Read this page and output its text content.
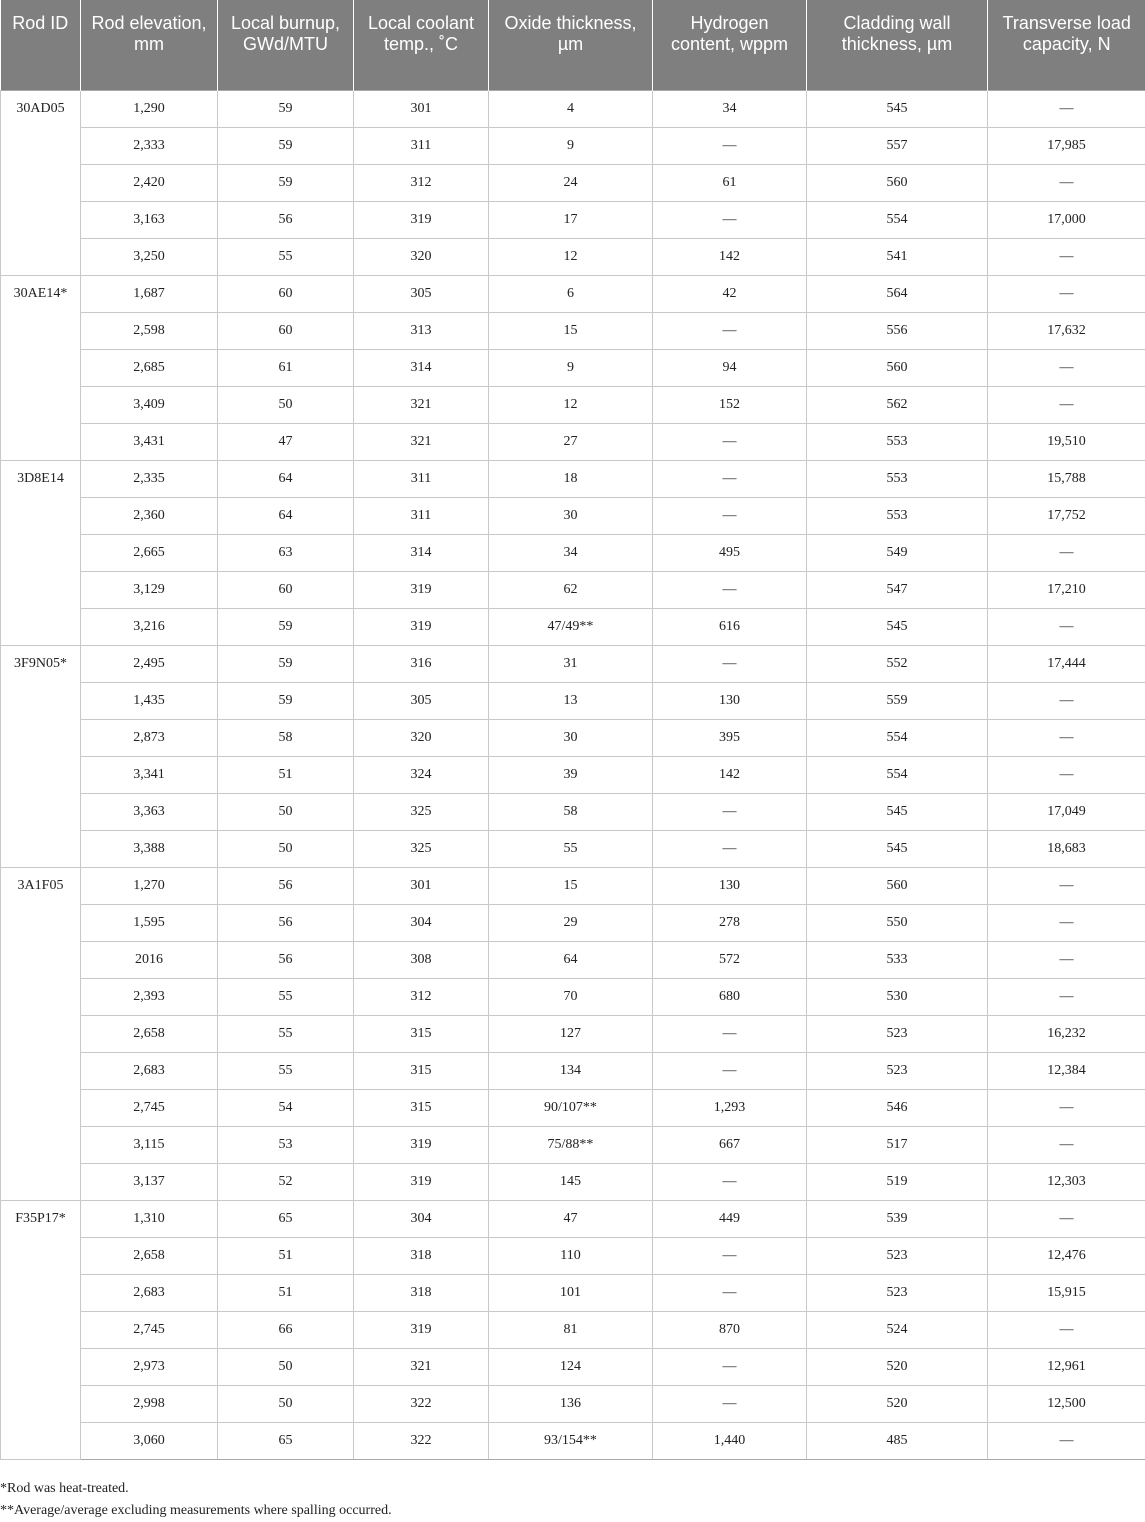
Rod ID	Rod elevation, mm	Local burnup, GWd/MTU	Local coolant temp., ˚C	Oxide thickness, µm	Hydrogen content, wppm	Cladding wall thickness, µm	Transverse load capacity, N
30AD05	1,290	59	301	4	34	545	—
	2,333	59	311	9	—	557	17,985
	2,420	59	312	24	61	560	—
	3,163	56	319	17	—	554	17,000
	3,250	55	320	12	142	541	—
30AE14*	1,687	60	305	6	42	564	—
	2,598	60	313	15	—	556	17,632
	2,685	61	314	9	94	560	—
	3,409	50	321	12	152	562	—
	3,431	47	321	27	—	553	19,510
3D8E14	2,335	64	311	18	—	553	15,788
	2,360	64	311	30	—	553	17,752
	2,665	63	314	34	495	549	—
	3,129	60	319	62	—	547	17,210
	3,216	59	319	47/49**	616	545	—
3F9N05*	2,495	59	316	31	—	552	17,444
	1,435	59	305	13	130	559	—
	2,873	58	320	30	395	554	—
	3,341	51	324	39	142	554	—
	3,363	50	325	58	—	545	17,049
	3,388	50	325	55	—	545	18,683
3A1F05	1,270	56	301	15	130	560	—
	1,595	56	304	29	278	550	—
	2016	56	308	64	572	533	—
	2,393	55	312	70	680	530	—
	2,658	55	315	127	—	523	16,232
	2,683	55	315	134	—	523	12,384
	2,745	54	315	90/107**	1,293	546	—
	3,115	53	319	75/88**	667	517	—
	3,137	52	319	145	—	519	12,303
F35P17*	1,310	65	304	47	449	539	—
	2,658	51	318	110	—	523	12,476
	2,683	51	318	101	—	523	15,915
	2,745	66	319	81	870	524	—
	2,973	50	321	124	—	520	12,961
	2,998	50	322	136	—	520	12,500
	3,060	65	322	93/154**	1,440	485	—
*Rod was heat-treated.
**Average/average excluding measurements where spalling occurred.
